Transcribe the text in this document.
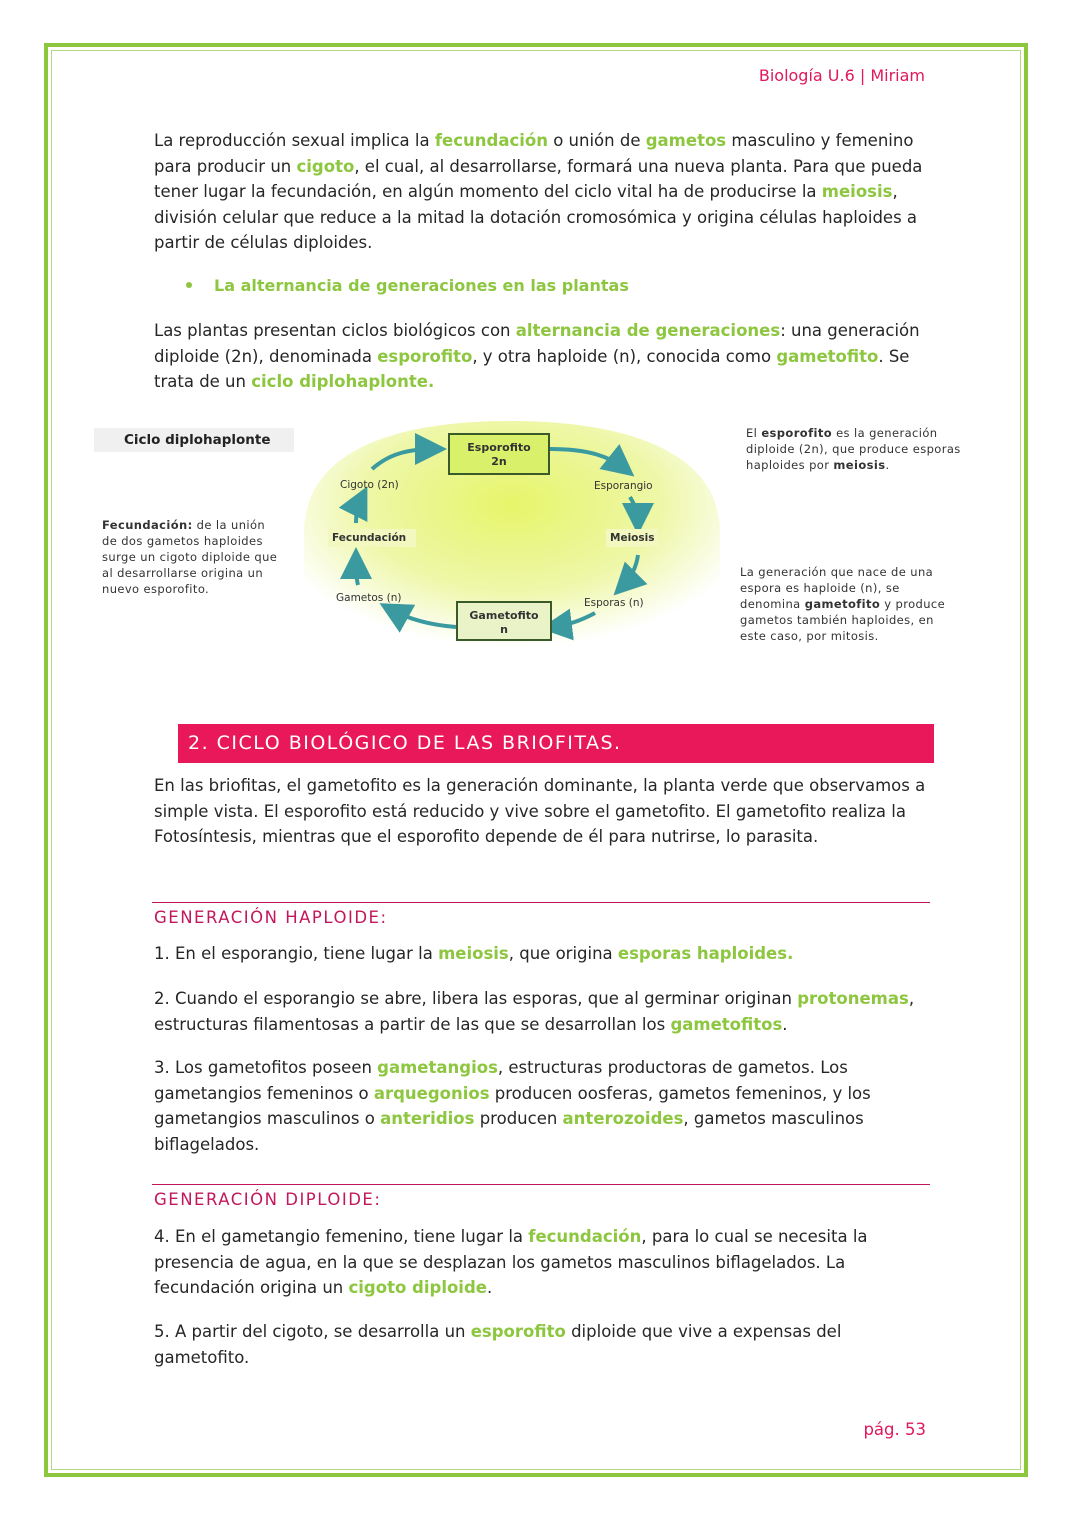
Biología U.6 | Miriam

La reproducción sexual implica la fecundación o unión de gametos masculino y femenino para producir un cigoto, el cual, al desarrollarse, formará una nueva planta. Para que pueda tener lugar la fecundación, en algún momento del ciclo vital ha de producirse la meiosis, división celular que reduce a la mitad la dotación cromosómica y origina células haploides a partir de células diploides.

La alternancia de generaciones en las plantas

Las plantas presentan ciclos biológicos con alternancia de generaciones: una generación diploide (2n), denominada esporofito, y otra haploide (n), conocida como gametofito. Se trata de un ciclo diplohaplonte.

Ciclo diplohaplonte	Esporofito
2n
Gametofito
n
Cigoto (2n)	Esporangio
Fecundación	Meiosis
Gametos (n)	Esporas (n)
Fecundación: de la unión de dos gametos haploides surge un cigoto diploide que al desarrollarse origina un nuevo esporofito.
El esporofito es la generación diploide (2n), que produce esporas haploides por meiosis.
La generación que nace de una espora es haploide (n), se denomina gametofito y produce gametos también haploides, en este caso, por mitosis.
2. CICLO BIOLÓGICO DE LAS BRIOFITAS.

En las briofitas, el gametofito es la generación dominante, la planta verde que observamos a simple vista. El esporofito está reducido y vive sobre el gametofito. El gametofito realiza la Fotosíntesis, mientras que el esporofito depende de él para nutrirse, lo parasita.

GENERACIÓN HAPLOIDE:

1. En el esporangio, tiene lugar la meiosis, que origina esporas haploides.

2. Cuando el esporangio se abre, libera las esporas, que al germinar originan protonemas, estructuras filamentosas a partir de las que se desarrollan los gametofitos.

3. Los gametofitos poseen gametangios, estructuras productoras de gametos. Los gametangios femeninos o arquegonios producen oosferas, gametos femeninos, y los gametangios masculinos o anteridios producen anterozoides, gametos masculinos biflagelados.

GENERACIÓN DIPLOIDE:

4. En el gametangio femenino, tiene lugar la fecundación, para lo cual se necesita la presencia de agua, en la que se desplazan los gametos masculinos biflagelados. La fecundación origina un cigoto diploide.

5. A partir del cigoto, se desarrolla un esporofito diploide que vive a expensas del gametofito.

pág. 53
